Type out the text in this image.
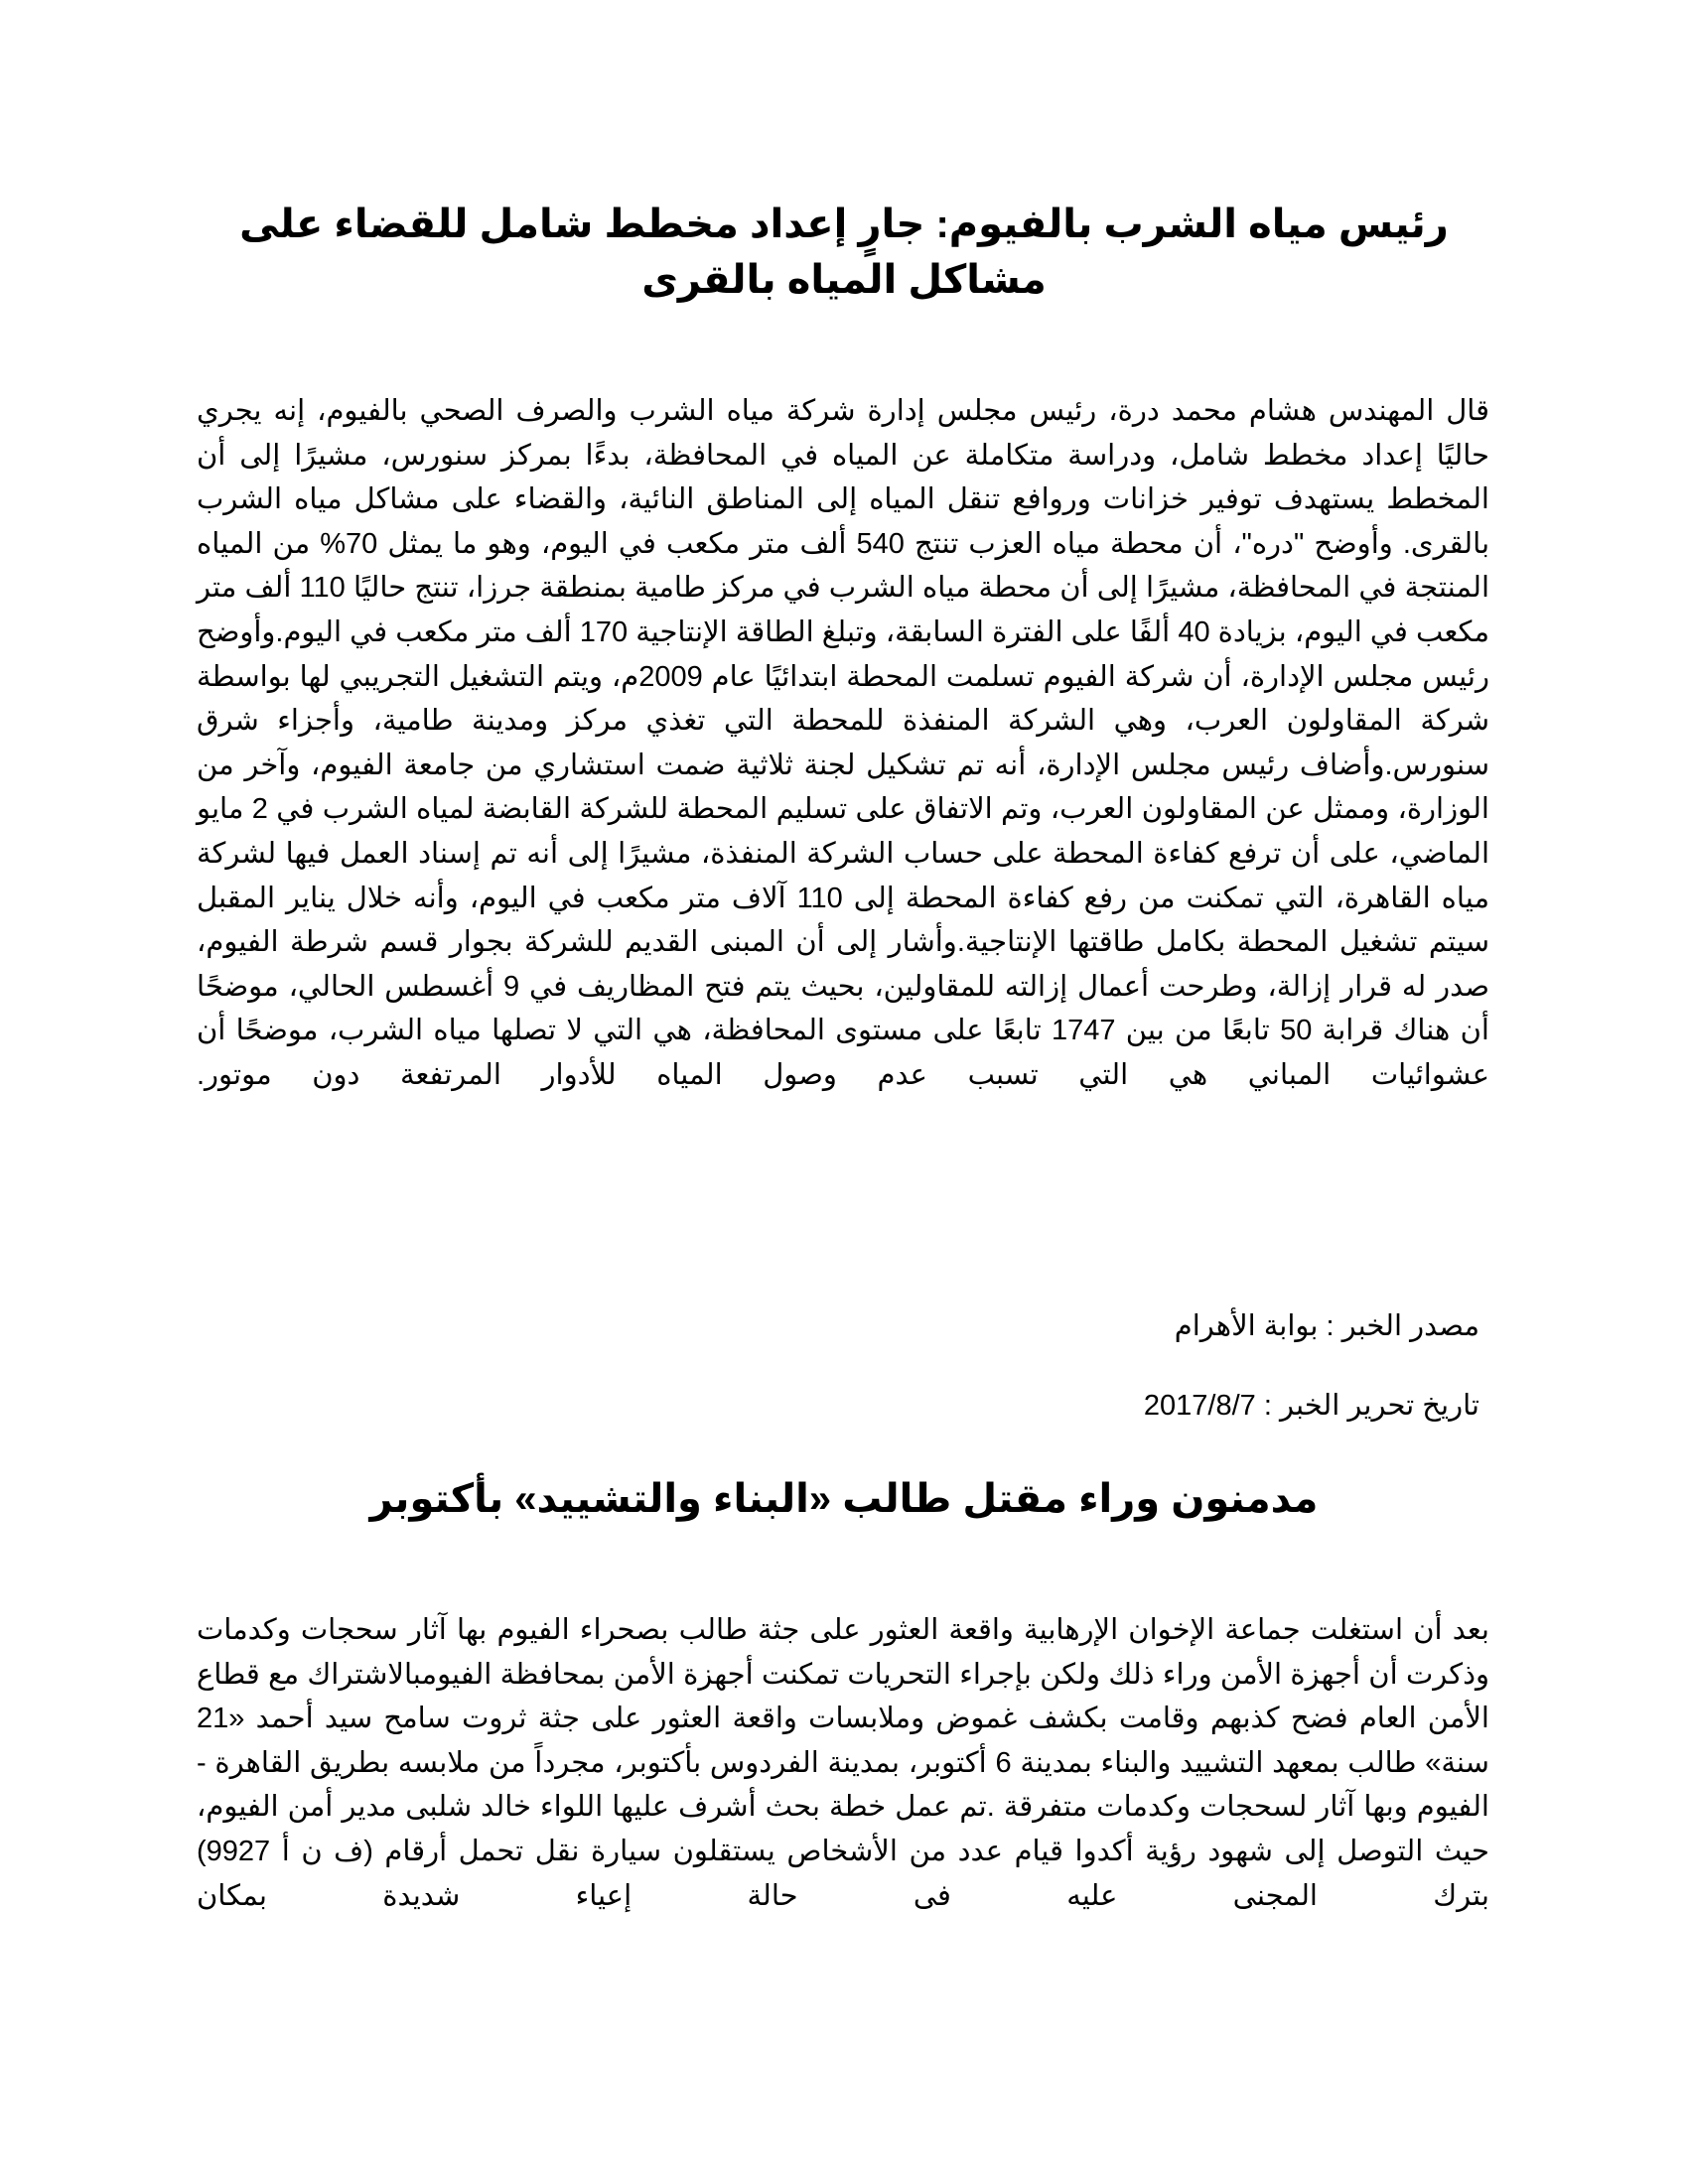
رئيس مياه الشرب بالفيوم: جارٍ إعداد مخطط شامل للقضاء على مشاكل المياه بالقرى

قال المهندس هشام محمد درة، رئيس مجلس إدارة شركة مياه الشرب والصرف الصحي بالفيوم، إنه يجري حاليًا إعداد مخطط شامل، ودراسة متكاملة عن المياه في المحافظة، بدءًا بمركز سنورس، مشيرًا إلى أن المخطط يستهدف توفير خزانات وروافع تنقل المياه إلى المناطق النائية، والقضاء على مشاكل مياه الشرب بالقرى. وأوضح "دره"، أن محطة مياه العزب تنتج 540 ألف متر مكعب في اليوم، وهو ما يمثل 70% من المياه المنتجة في المحافظة، مشيرًا إلى أن محطة مياه الشرب في مركز طامية بمنطقة جرزا، تنتج حاليًا 110 ألف متر مكعب في اليوم، بزيادة 40 ألفًا على الفترة السابقة، وتبلغ الطاقة الإنتاجية 170 ألف متر مكعب في اليوم.وأوضح رئيس مجلس الإدارة، أن شركة الفيوم تسلمت المحطة ابتدائيًا عام 2009م، ويتم التشغيل التجريبي لها بواسطة شركة المقاولون العرب، وهي الشركة المنفذة للمحطة التي تغذي مركز ومدينة طامية، وأجزاء شرق سنورس.وأضاف رئيس مجلس الإدارة، أنه تم تشكيل لجنة ثلاثية ضمت استشاري من جامعة الفيوم، وآخر من الوزارة، وممثل عن المقاولون العرب، وتم الاتفاق على تسليم المحطة للشركة القابضة لمياه الشرب في 2 مايو الماضي، على أن ترفع كفاءة المحطة على حساب الشركة المنفذة، مشيرًا إلى أنه تم إسناد العمل فيها لشركة مياه القاهرة، التي تمكنت من رفع كفاءة المحطة إلى 110 آلاف متر مكعب في اليوم، وأنه خلال يناير المقبل سيتم تشغيل المحطة بكامل طاقتها الإنتاجية.وأشار إلى أن المبنى القديم للشركة بجوار قسم شرطة الفيوم، صدر له قرار إزالة، وطرحت أعمال إزالته للمقاولين، بحيث يتم فتح المظاريف في 9 أغسطس الحالي، موضحًا أن هناك قرابة 50 تابعًا من بين 1747 تابعًا على مستوى المحافظة، هي التي لا تصلها مياه الشرب، موضحًا أن عشوائيات المباني هي التي تسبب عدم وصول المياه للأدوار المرتفعة دون موتور.

مصدر الخبر : بوابة الأهرام
تاريخ تحرير الخبر : 2017/8/7
مدمنون وراء مقتل طالب «البناء والتشييد» بأكتوبر

بعد أن استغلت جماعة الإخوان الإرهابية واقعة العثور على جثة طالب بصحراء الفيوم بها آثار سحجات وكدمات وذكرت أن أجهزة الأمن وراء ذلك ولكن بإجراء التحريات تمكنت أجهزة الأمن بمحافظة الفيومبالاشتراك مع قطاع الأمن العام فضح كذبهم وقامت بكشف غموض وملابسات واقعة العثور على جثة ثروت سامح سيد أحمد «21 سنة» طالب بمعهد التشييد والبناء بمدينة 6 أكتوبر، بمدينة الفردوس بأكتوبر، مجرداً من ملابسه بطريق القاهرة - الفيوم وبها آثار لسحجات وكدمات متفرقة .تم عمل خطة بحث أشرف عليها اللواء خالد شلبى مدير أمن الفيوم، حيث التوصل إلى شهود رؤية أكدوا قيام عدد من الأشخاص يستقلون سيارة نقل تحمل أرقام (ف ن أ 9927) بترك المجنى عليه فى حالة إعياء شديدة بمكان
